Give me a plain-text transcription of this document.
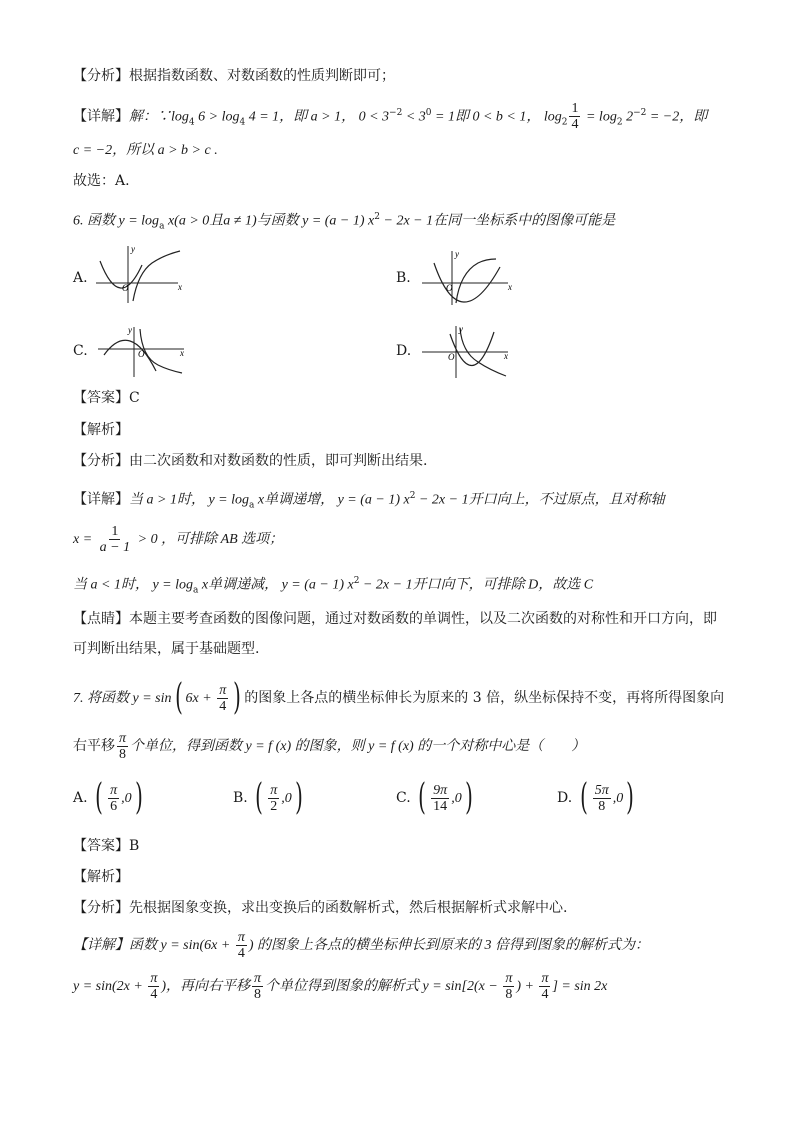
【分析】根据指数函数、对数函数的性质判断即可；
【详解】解：$\because\log_4$ $6 > \log_4 4 = 1$，即 a > 1， $0 < 3^{-2} < 3^0 = 1$即 0 < b < 1， $\log_2 \frac{1}{4} = \log_2 2^{-2} = -2$，即
c = −2，所以 a > b > c .
故选：A.
6. 函数 $y = \log_a x(a > 0$且a ≠ 1)与函数 y = (a − 1) $x^2 - 2x - 1$在同一坐标系中的图像可能是
A.
O	x
y
B.
O	x
y
C.	O	x
y
D.	O	x
y
【答案】C
【解析】
【分析】由二次函数和对数函数的性质，即可判断出结果.
【详解】当 a > 1时， $y = \log_a x$单调递增， y = (a − 1) $x^2 - 2x - 1$开口向上，不过原点，且对称轴
$x = \frac{1}{a - 1} > 0$ ，可排除 AB 选项；
当 a < 1时， $y = \log_a x$单调递减， y = (a − 1) $x^2 - 2x - 1$开口向下，可排除 D，故选 C
【点睛】本题主要考查函数的图像问题，通过对数函数的单调性，以及二次函数的对称性和开口方向，即
可判断出结果，属于基础题型.
7. 将函数 y = sin( $6x + \frac{\pi}{4}$ ) 的图象上各点的横坐标伸长为原来的 3 倍，纵坐标保持不变，再将所得图象向
右平移 $\frac{\pi}{8}$ 个单位，得到函数 y = f (x) 的图象，则 y = f (x) 的一个对称中心是（　　）
A. ( $\frac{\pi}{6} ,0$)	B. ( $\frac{\pi}{2} ,0$)	C. ( $\frac{9\pi}{14} ,0$)	D. ( $\frac{5\pi}{8} ,0$)
【答案】B
【解析】
【分析】先根据图象变换，求出变换后的函数解析式，然后根据解析式求解中心.
【详解】函数 $y = \sin(6x + \frac{\pi}{4}$ ) 的图象上各点的横坐标伸长到原来的 3 倍得到图象的解析式为：
$y = \sin(2x + \frac{\pi}{4}$ )，再向右平移 $\frac{\pi}{8}$ 个单位得到图象的解析式 $y = \sin[2(x - \frac{\pi}{8}$ ) + $\frac{\pi}{4}$ ] = sin 2x
